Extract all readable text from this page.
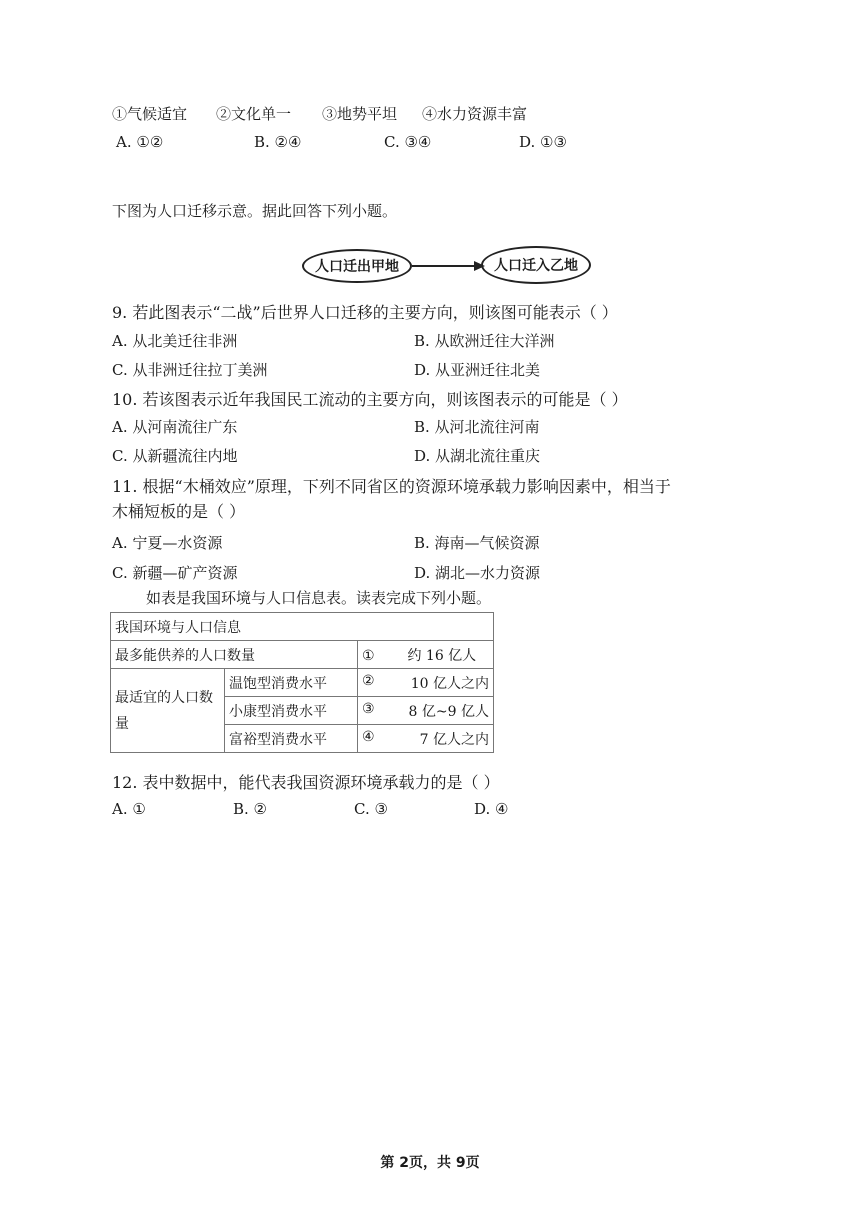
①气候适宜 ②文化单一 ③地势平坦 ④水力资源丰富
A. ①②	B. ②④	C. ③④	D. ①③
下图为人口迁移示意。据此回答下列小题。
人口迁出甲地	人口迁入乙地
9. 若此图表示“二战”后世界人口迁移的主要方向，则该图可能表示（ ）
A. 从北美迁往非洲	B. 从欧洲迁往大洋洲
C. 从非洲迁往拉丁美洲	D. 从亚洲迁往北美
10. 若该图表示近年我国民工流动的主要方向，则该图表示的可能是（ ）
A. 从河南流往广东	B. 从河北流往河南
C. 从新疆流往内地	D. 从湖北流往重庆
11. 根据“木桶效应”原理，下列不同省区的资源环境承载力影响因素中，相当于
木桶短板的是（ ）
A. 宁夏—水资源	B. 海南—气候资源
C. 新疆—矿产资源	D. 湖北—水力资源
如表是我国环境与人口信息表。读表完成下列小题。
我国环境与人口信息		
最多能供养的人口数量		① 约 16 亿人
最适宜的人口数
量	温饱型消费水平	② 10 亿人之内

	小康型消费水平	③ 8 亿~9 亿人

	富裕型消费水平	④ 7 亿人之内
12. 表中数据中，能代表我国资源环境承载力的是（ ）
A. ①	B. ②	C. ③	D. ④
第 2页，共 9页
